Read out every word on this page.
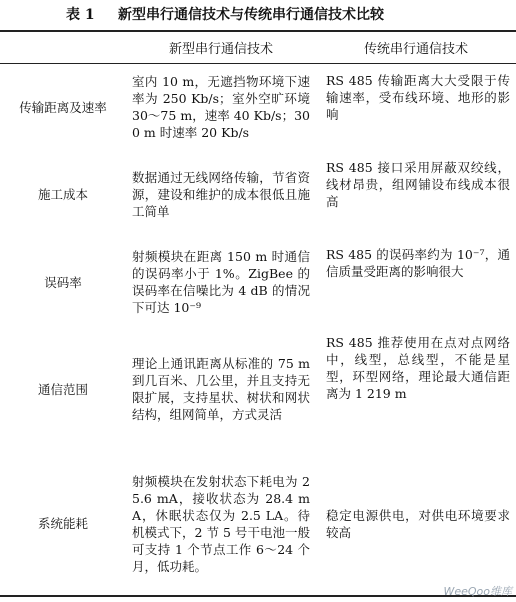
表 1 新型串行通信技术与传统串行通信技术比较
	新型串行通信技术	传统串行通信技术
传输距离及速率	室内 10 m，无遮挡物环境下速率为 250 Kb/s；室外空旷环境 30～75 m，速率 40 Kb/s；300 m 时速率 20 Kb/s	RS 485 传输距离大大受限于传输速率，受布线环境、地形的影响

施工成本	数据通过无线网络传输，节省资源，建设和维护的成本很低且施工简单	RS 485 接口采用屏蔽双绞线，线材昂贵，组网铺设布线成本很高

误码率	射频模块在距离 150 m 时通信的误码率小于 1%。ZigBee 的误码率在信噪比为 4 dB 的情况下可达 10⁻⁹	RS 485 的误码率约为 10⁻⁷，通信质量受距离的影响很大

通信范围	理论上通讯距离从标准的 75 m 到几百米、几公里，并且支持无限扩展，支持星状、树状和网状结构，组网简单，方式灵活	RS 485 推荐使用在点对点网络中，线型，总线型，不能是星型，环型网络，理论最大通信距离为 1 219 m

系统能耗	射频模块在发射状态下耗电为 25.6 mA，接收状态为 28.4 mA，休眠状态仅为 2.5 LA。待机模式下，2 节 5 号干电池一般可支持 1 个节点工作 6～24 个月，低功耗。	稳定电源供电，对供电环境要求较高
WeeQoo维库
